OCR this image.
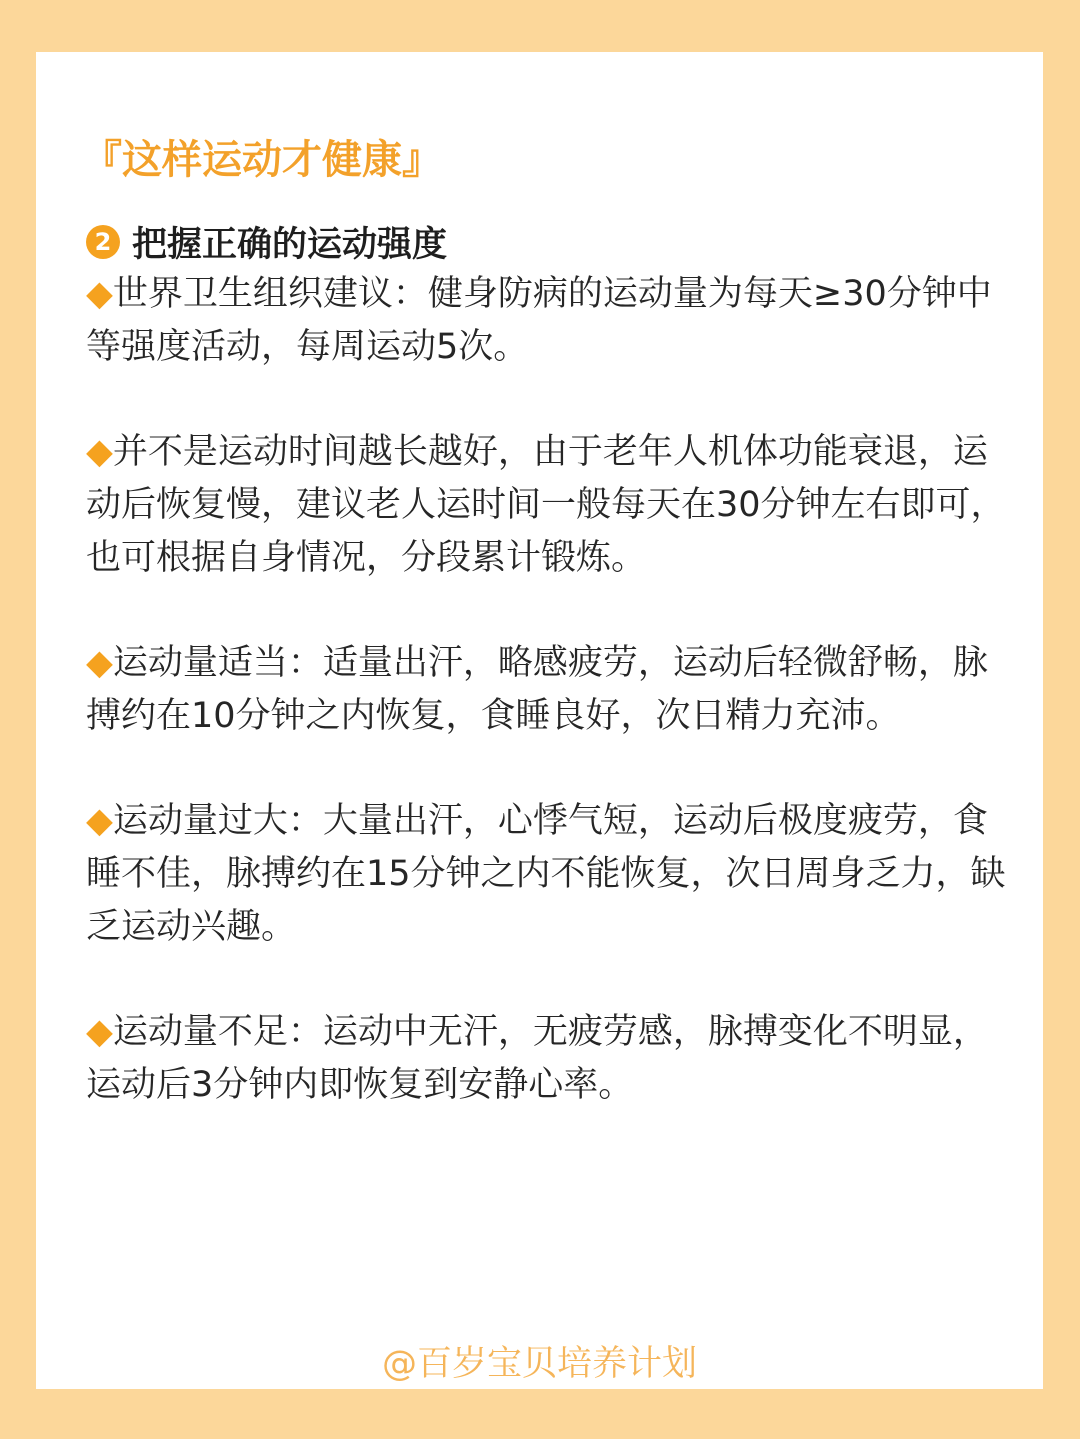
『这样运动才健康』
2 把握正确的运动强度

◆世界卫生组织建议：健身防病的运动量为每天≥30分钟中等强度活动，每周运动5次。

◆并不是运动时间越长越好，由于老年人机体功能衰退，运动后恢复慢，建议老人运时间一般每天在30分钟左右即可，也可根据自身情况，分段累计锻炼。

◆运动量适当：适量出汗，略感疲劳，运动后轻微舒畅，脉搏约在10分钟之内恢复，食睡良好，次日精力充沛。

◆运动量过大：大量出汗，心悸气短，运动后极度疲劳，食睡不佳，脉搏约在15分钟之内不能恢复，次日周身乏力，缺乏运动兴趣。

◆运动量不足：运动中无汗，无疲劳感，脉搏变化不明显，运动后3分钟内即恢复到安静心率。

@百岁宝贝培养计划
